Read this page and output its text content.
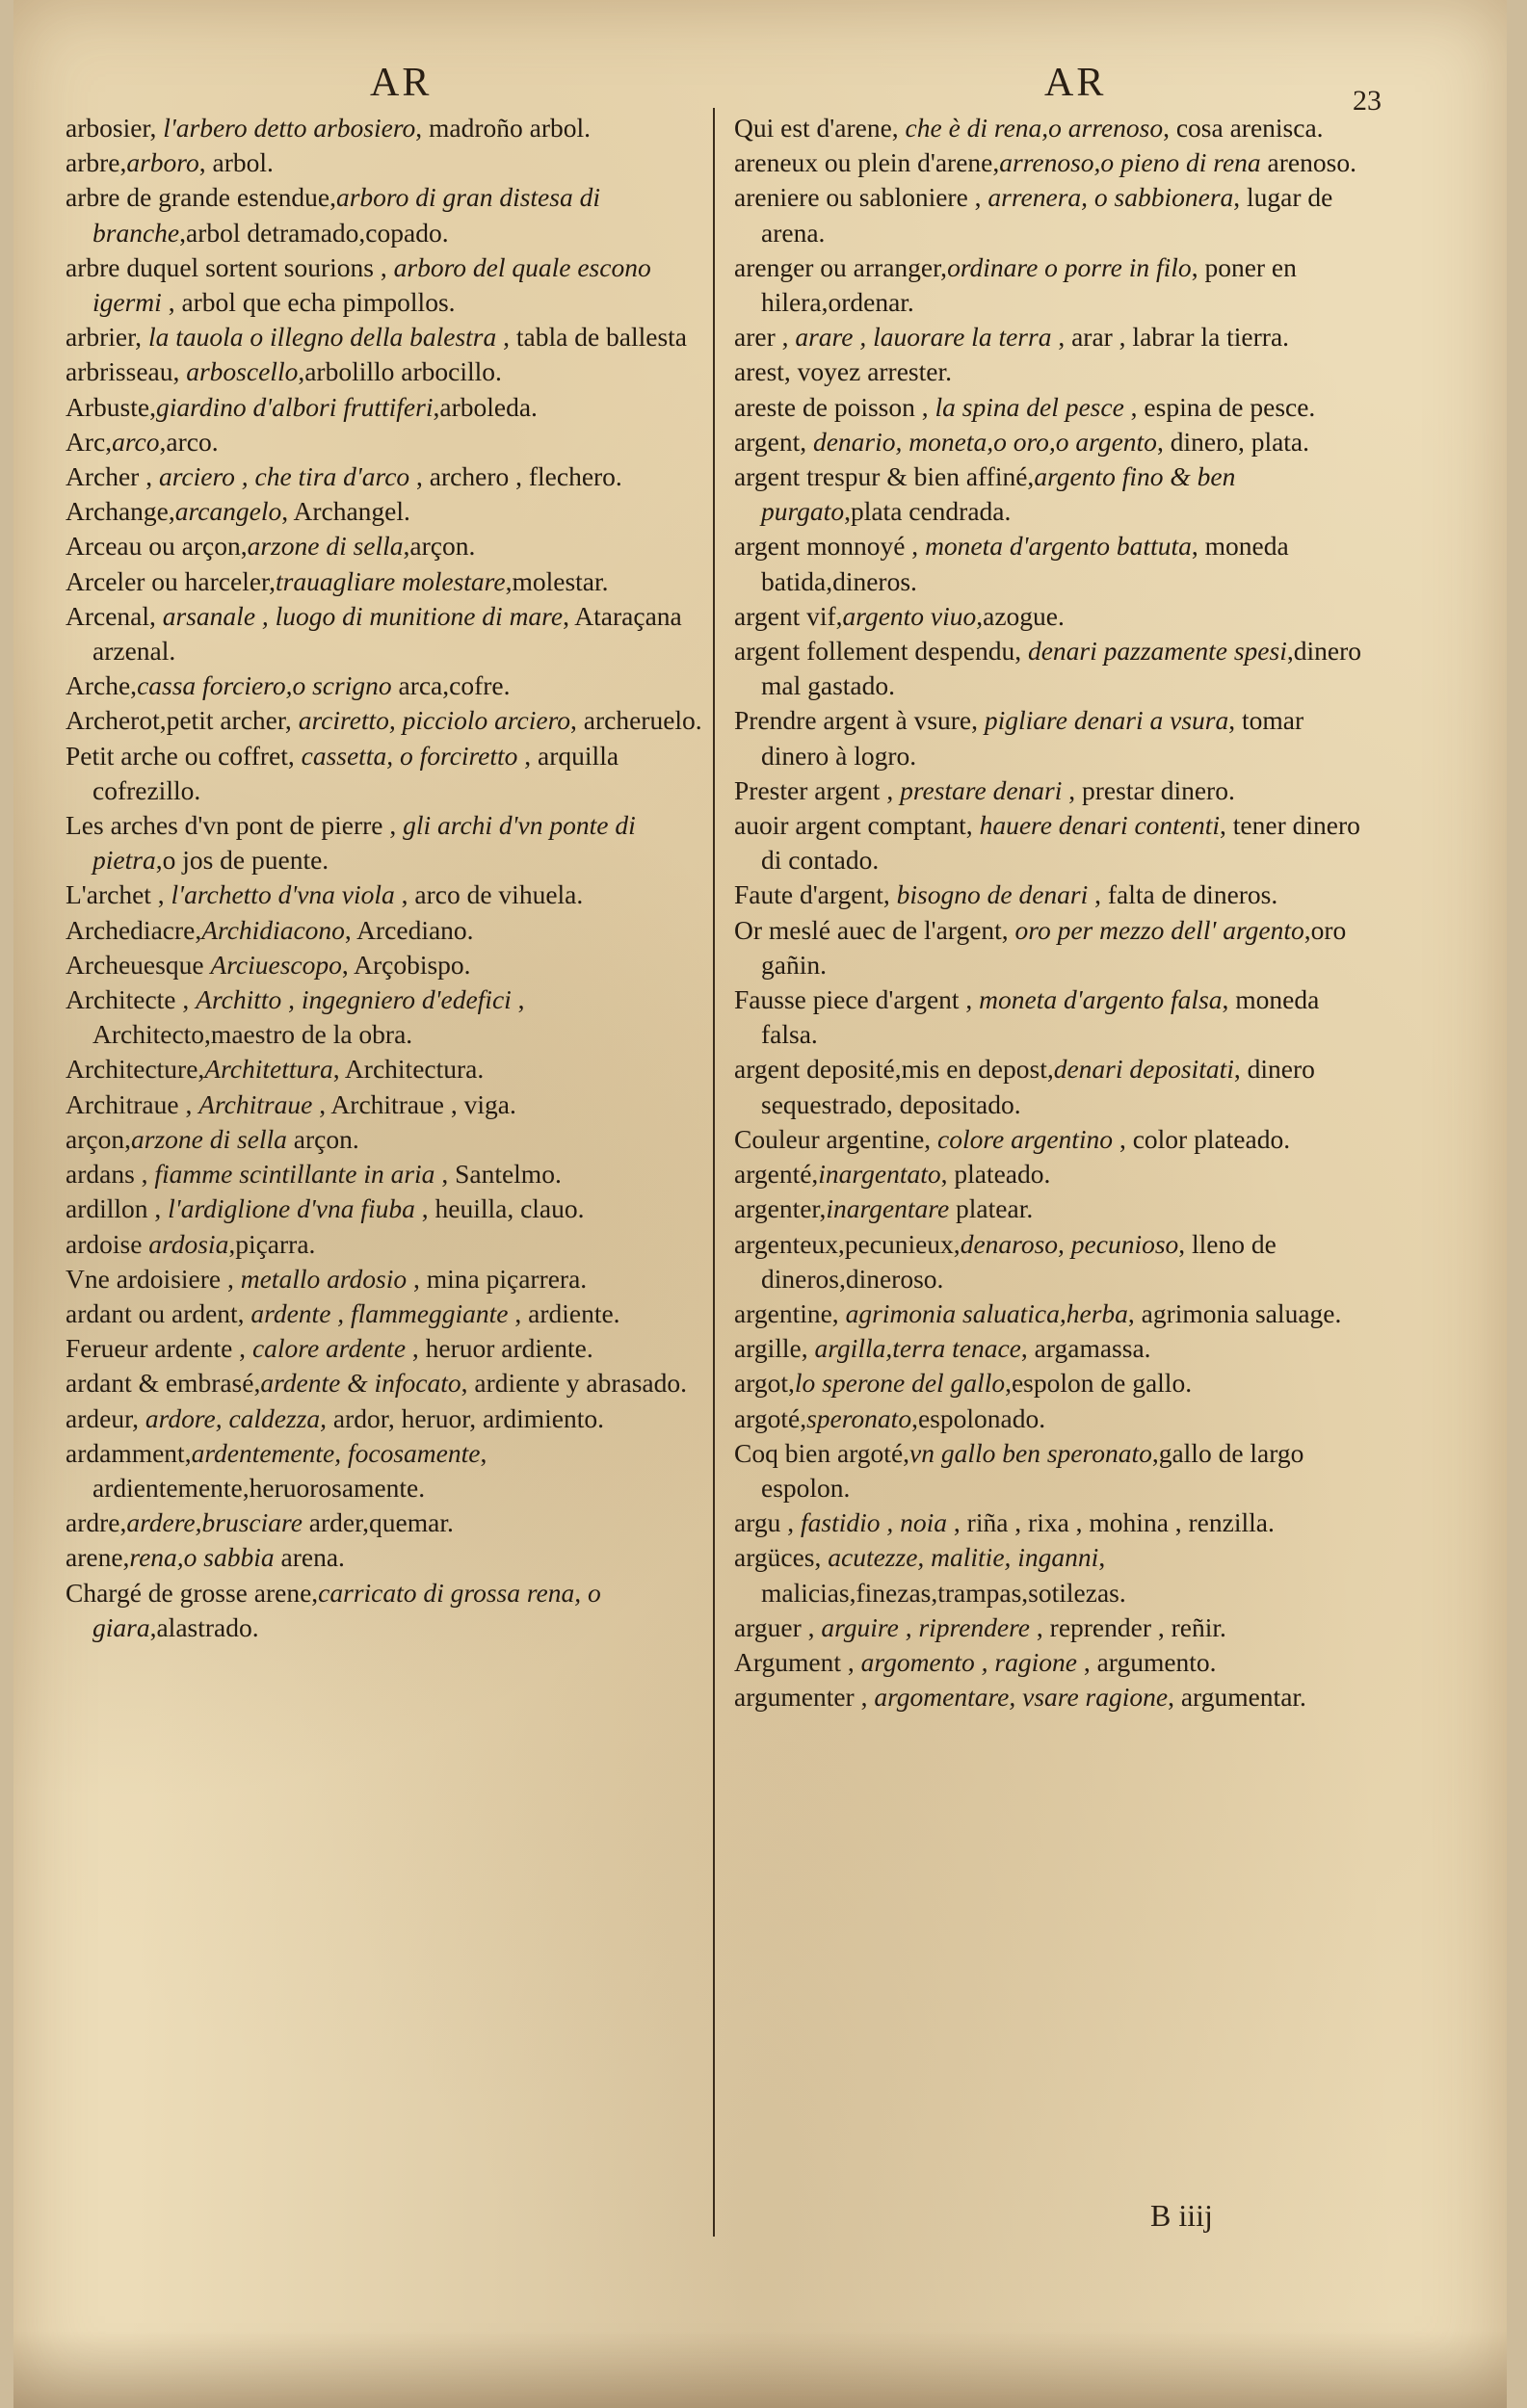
AR	AR	23

arbosier, l'arbero detto arbosiero, madroño arbol.

arbre,arboro, arbol.

arbre de grande estendue,arboro di gran distesa di branche,arbol detramado,copado.

arbre duquel sortent sourions , arboro del quale escono igermi , arbol que echa pimpollos.

arbrier, la tauola o illegno della balestra , tabla de ballesta

arbrisseau, arboscello,arbolillo arbocillo.

Arbuste,giardino d'albori fruttiferi,arboleda.

Arc,arco,arco.

Archer , arciero , che tira d'arco , archero , flechero.

Archange,arcangelo, Archangel.

Arceau ou arçon,arzone di sella,arçon.

Arceler ou harceler,trauagliare molestare,molestar.

Arcenal, arsanale , luogo di munitione di mare, Ataraçana arzenal.

Arche,cassa forciero,o scrigno arca,cofre.

Archerot,petit archer, arciretto, picciolo arciero, archeruelo.

Petit arche ou coffret, cassetta, o forciretto , arquilla cofrezillo.

Les arches d'vn pont de pierre , gli archi d'vn ponte di pietra,o jos de puente.

L'archet , l'archetto d'vna viola , arco de vihuela.

Archediacre,Archidiacono, Arcediano.

Archeuesque Arciuescopo, Arçobispo.

Architecte , Architto , ingegniero d'edefici , Architecto,maestro de la obra.

Architecture,Architettura, Architectura.

Architraue , Architraue , Architraue , viga.

arçon,arzone di sella arçon.

ardans , fiamme scintillante in aria , Santelmo.

ardillon , l'ardiglione d'vna fiuba , heuilla, clauo.

ardoise ardosia,piçarra.

Vne ardoisiere , metallo ardosio , mina piçarrera.

ardant ou ardent, ardente , flammeggiante , ardiente.

Ferueur ardente , calore ardente , heruor ardiente.

ardant & embrasé,ardente & infocato, ardiente y abrasado.

ardeur, ardore, caldezza, ardor, heruor, ardimiento.

ardamment,ardentemente, focosamente, ardientemente,heruorosamente.

ardre,ardere,brusciare arder,quemar.

arene,rena,o sabbia arena.

Chargé de grosse arene,carricato di grossa rena, o giara,alastrado.

Qui est d'arene, che è di rena,o arrenoso, cosa arenisca.

areneux ou plein d'arene,arrenoso,o pieno di rena arenoso.

areniere ou sabloniere , arrenera, o sabbionera, lugar de arena.

arenger ou arranger,ordinare o porre in filo, poner en hilera,ordenar.

arer , arare , lauorare la terra , arar , labrar la tierra.

arest, voyez arrester.

areste de poisson , la spina del pesce , espina de pesce.

argent, denario, moneta,o oro,o argento, dinero, plata.

argent trespur & bien affiné,argento fino & ben purgato,plata cendrada.

argent monnoyé , moneta d'argento battuta, moneda batida,dineros.

argent vif,argento viuo,azogue.

argent follement despendu, denari pazzamente spesi,dinero mal gastado.

Prendre argent à vsure, pigliare denari a vsura, tomar dinero à logro.

Prester argent , prestare denari , prestar dinero.

auoir argent comptant, hauere denari contenti, tener dinero di contado.

Faute d'argent, bisogno de denari , falta de dineros.

Or meslé auec de l'argent, oro per mezzo dell' argento,oro gañin.

Fausse piece d'argent , moneta d'argento falsa, moneda falsa.

argent deposité,mis en depost,denari depositati, dinero sequestrado, depositado.

Couleur argentine, colore argentino , color plateado.

argenté,inargentato, plateado.

argenter,inargentare platear.

argenteux,pecunieux,denaroso, pecunioso, lleno de dineros,dineroso.

argentine, agrimonia saluatica,herba, agrimonia saluage.

argille, argilla,terra tenace, argamassa.

argot,lo sperone del gallo,espolon de gallo.

argoté,speronato,espolonado.

Coq bien argoté,vn gallo ben speronato,gallo de largo espolon.

argu , fastidio , noia , riña , rixa , mohina , renzilla.

argüces, acutezze, malitie, inganni, malicias,finezas,trampas,sotilezas.

arguer , arguire , riprendere , reprender , reñir.

Argument , argomento , ragione , argumento.

argumenter , argomentare, vsare ragione, argumentar.

B iiij
